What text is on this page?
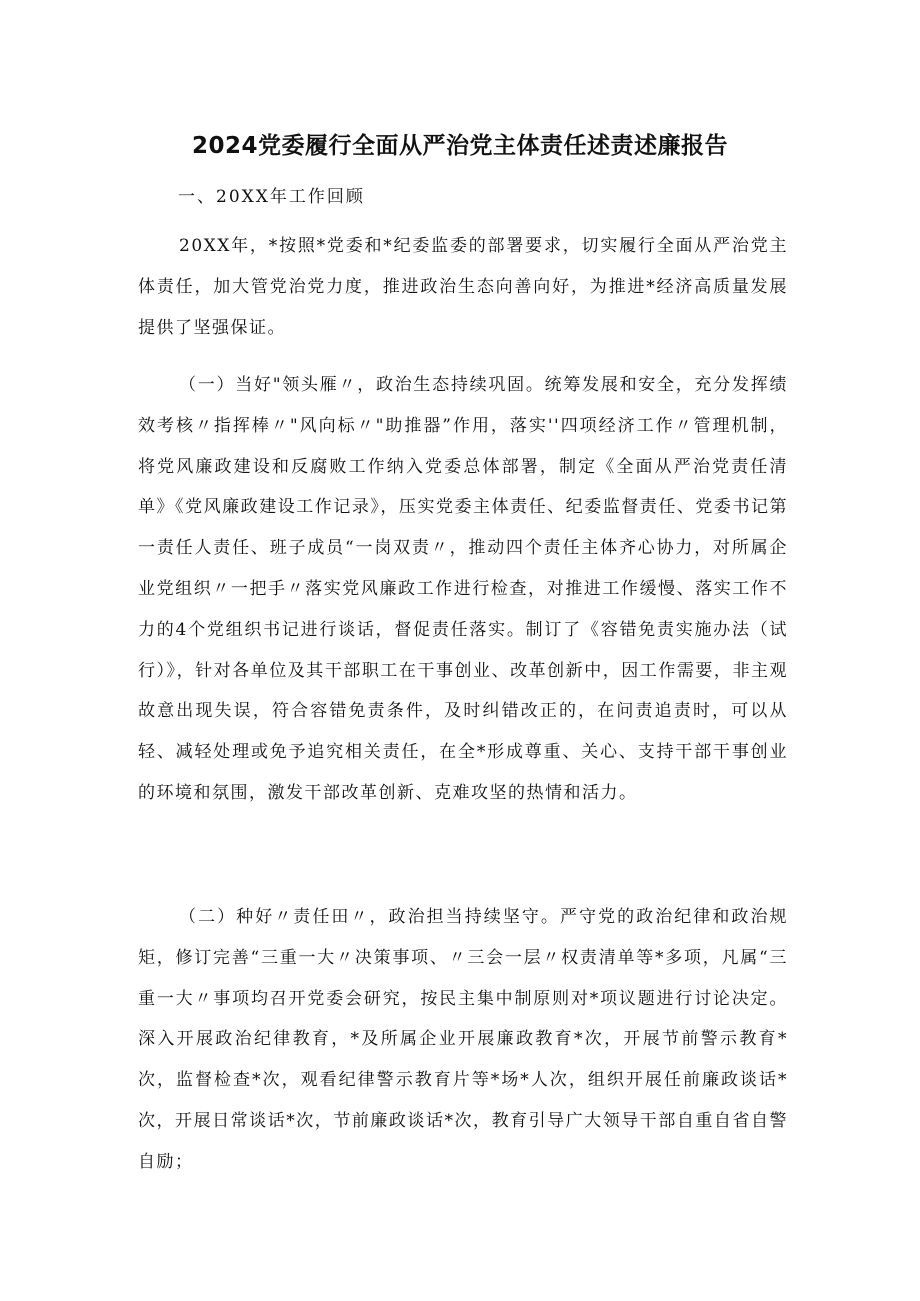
2024党委履行全面从严治党主体责任述责述廉报告

一、20XX年工作回顾

20XX年，*按照*党委和*纪委监委的部署要求，切实履行全面从严治党主体责任，加大管党治党力度，推进政治生态向善向好，为推进*经济高质量发展提供了坚强保证。

（一）当好"领头雁〃，政治生态持续巩固。统筹发展和安全，充分发挥绩效考核〃指挥棒〃"风向标〃"助推器”作用，落实''四项经济工作〃管理机制，将党风廉政建设和反腐败工作纳入党委总体部署，制定《全面从严治党责任清单》《党风廉政建设工作记录》，压实党委主体责任、纪委监督责任、党委书记第一责任人责任、班子成员“一岗双责〃，推动四个责任主体齐心协力，对所属企业党组织〃一把手〃落实党风廉政工作进行检查，对推进工作缓慢、落实工作不力的4个党组织书记进行谈话，督促责任落实。制订了《容错免责实施办法（试行）》，针对各单位及其干部职工在干事创业、改革创新中，因工作需要，非主观故意出现失误，符合容错免责条件，及时纠错改正的，在问责追责时，可以从轻、减轻处理或免予追究相关责任，在全*形成尊重、关心、支持干部干事创业的环境和氛围，激发干部改革创新、克难攻坚的热情和活力。

（二）种好〃责任田〃，政治担当持续坚守。严守党的政治纪律和政治规矩，修订完善“三重一大〃决策事项、〃三会一层〃权责清单等*多项，凡属“三重一大〃事项均召开党委会研究，按民主集中制原则对*项议题进行讨论决定。深入开展政治纪律教育，*及所属企业开展廉政教育*次，开展节前警示教育*次，监督检查*次，观看纪律警示教育片等*场*人次，组织开展任前廉政谈话*次，开展日常谈话*次，节前廉政谈话*次，教育引导广大领导干部自重自省自警自励；
